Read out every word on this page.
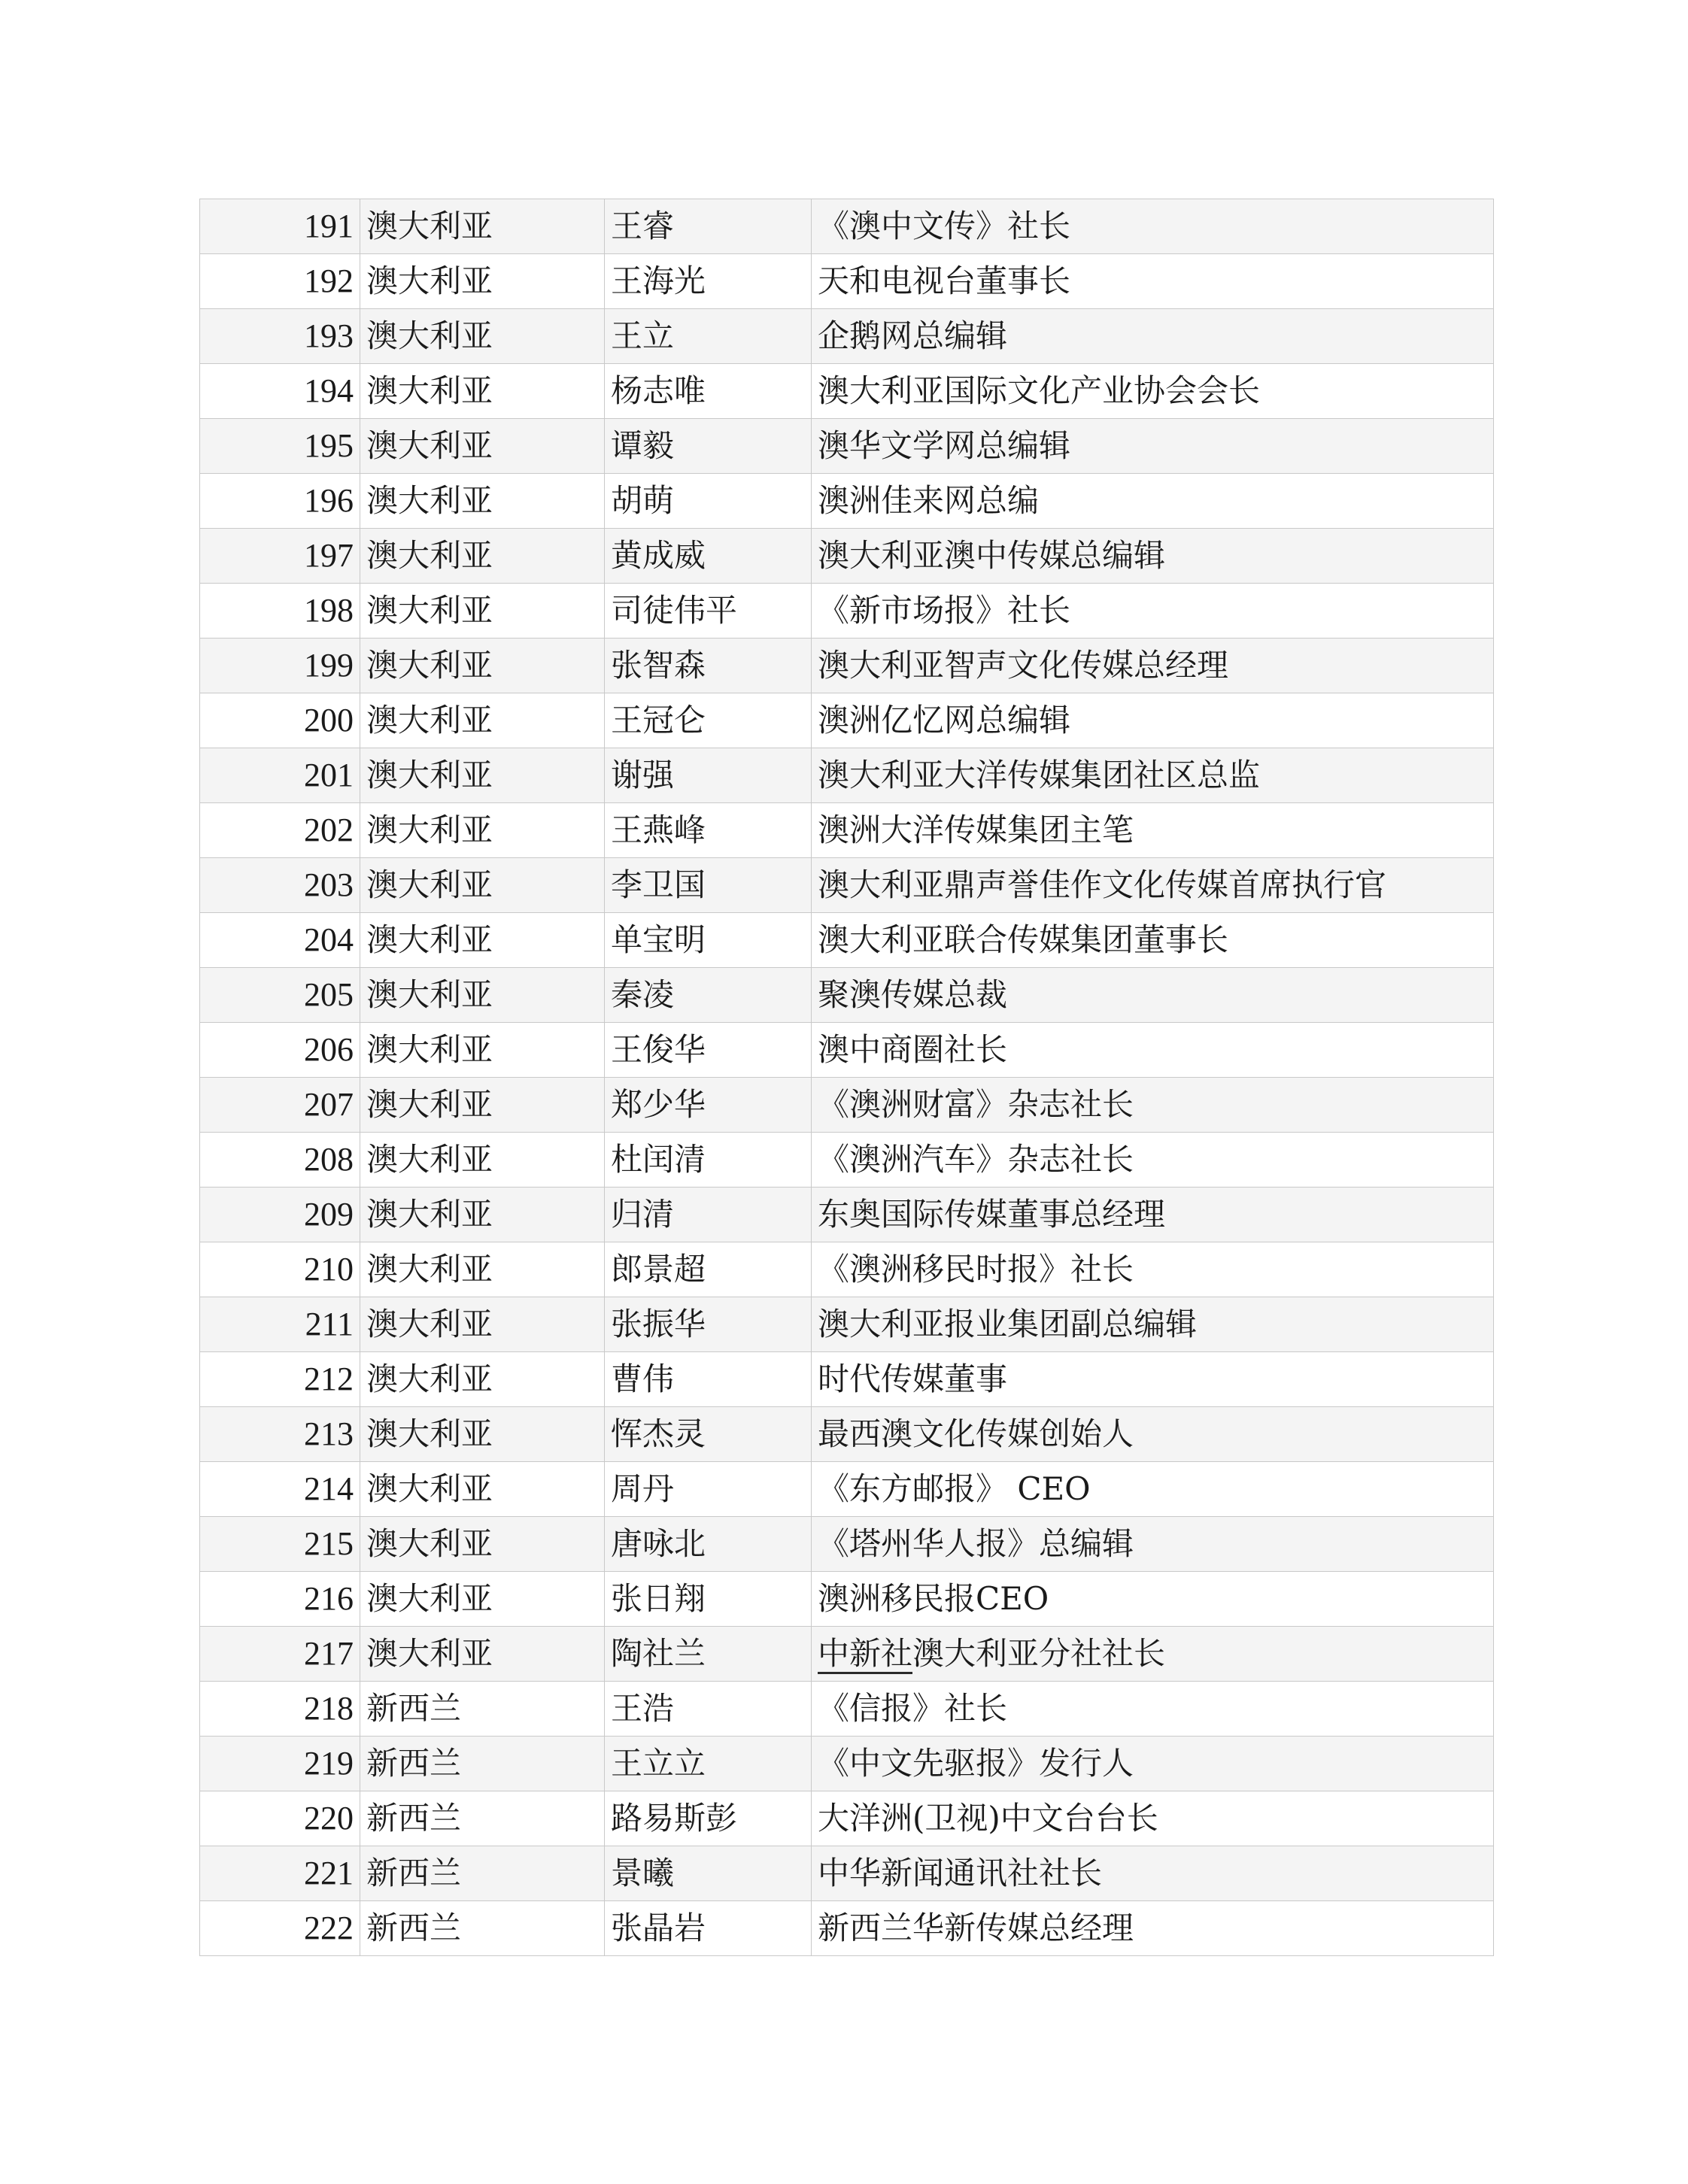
191	澳大利亚	王睿	《澳中文传》社长
192	澳大利亚	王海光	天和电视台董事长
193	澳大利亚	王立	企鹅网总编辑
194	澳大利亚	杨志唯	澳大利亚国际文化产业协会会长
195	澳大利亚	谭毅	澳华文学网总编辑
196	澳大利亚	胡萌	澳洲佳来网总编
197	澳大利亚	黄成威	澳大利亚澳中传媒总编辑
198	澳大利亚	司徒伟平	《新市场报》社长
199	澳大利亚	张智森	澳大利亚智声文化传媒总经理
200	澳大利亚	王冠仑	澳洲亿忆网总编辑
201	澳大利亚	谢强	澳大利亚大洋传媒集团社区总监
202	澳大利亚	王燕峰	澳洲大洋传媒集团主笔
203	澳大利亚	李卫国	澳大利亚鼎声誉佳作文化传媒首席执行官
204	澳大利亚	单宝明	澳大利亚联合传媒集团董事长
205	澳大利亚	秦凌	聚澳传媒总裁
206	澳大利亚	王俊华	澳中商圈社长
207	澳大利亚	郑少华	《澳洲财富》杂志社长
208	澳大利亚	杜闰清	《澳洲汽车》杂志社长
209	澳大利亚	归清	东奥国际传媒董事总经理
210	澳大利亚	郎景超	《澳洲移民时报》社长
211	澳大利亚	张振华	澳大利亚报业集团副总编辑
212	澳大利亚	曹伟	时代传媒董事
213	澳大利亚	恽杰灵	最西澳文化传媒创始人
214	澳大利亚	周丹	《东方邮报》 CEO
215	澳大利亚	唐咏北	《塔州华人报》总编辑
216	澳大利亚	张日翔	澳洲移民报CEO
217	澳大利亚	陶社兰	中新社澳大利亚分社社长
218	新西兰	王浩	《信报》社长
219	新西兰	王立立	《中文先驱报》发行人
220	新西兰	路易斯彭	大洋洲(卫视)中文台台长
221	新西兰	景曦	中华新闻通讯社社长
222	新西兰	张晶岩	新西兰华新传媒总经理
